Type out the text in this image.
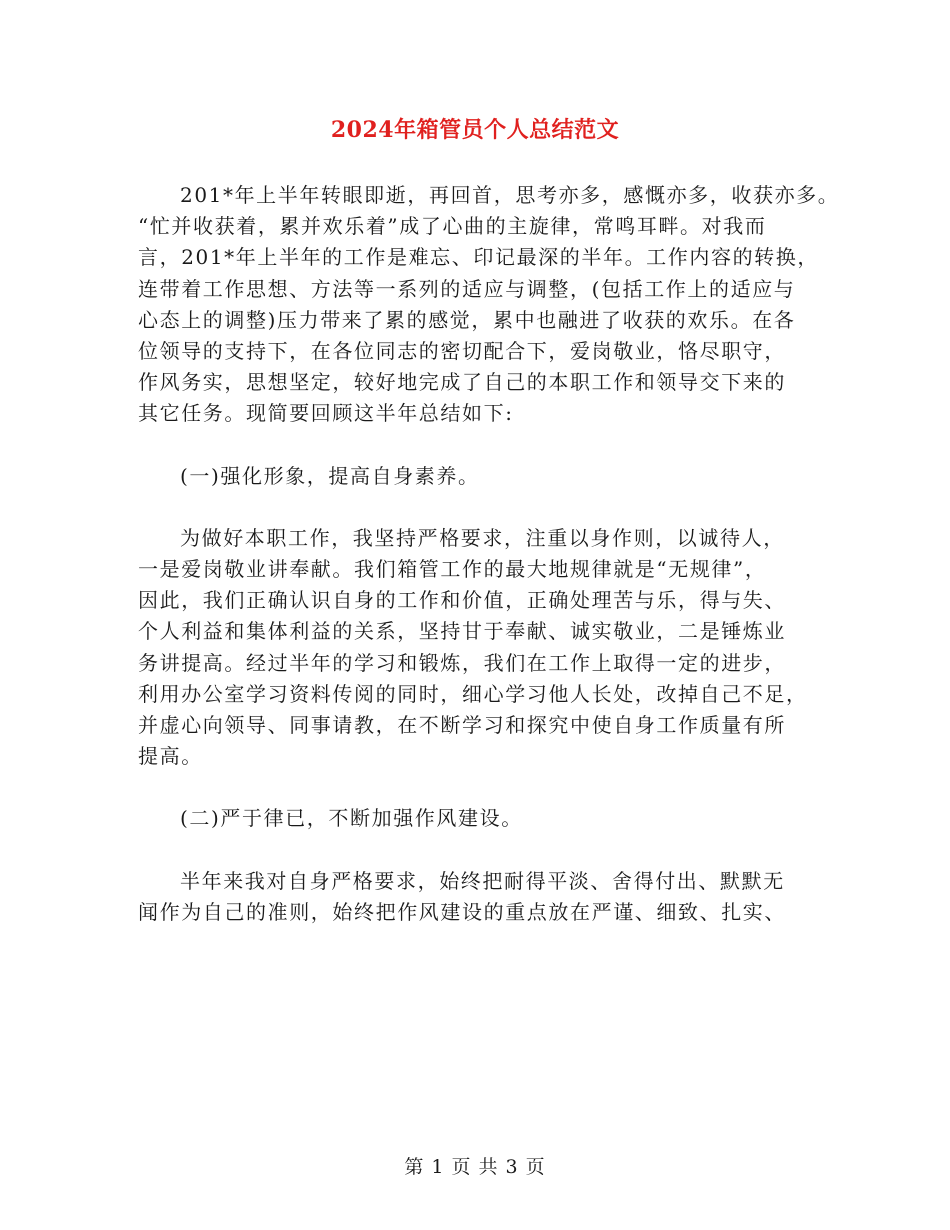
2024年箱管员个人总结范文

201*年上半年转眼即逝，再回首，思考亦多，感慨亦多，收获亦多。
“忙并收获着，累并欢乐着”成了心曲的主旋律，常鸣耳畔。对我而
言，201*年上半年的工作是难忘、印记最深的半年。工作内容的转换，
连带着工作思想、方法等一系列的适应与调整，(包括工作上的适应与
心态上的调整)压力带来了累的感觉，累中也融进了收获的欢乐。在各
位领导的支持下，在各位同志的密切配合下，爱岗敬业，恪尽职守，
作风务实，思想坚定，较好地完成了自己的本职工作和领导交下来的
其它任务。现简要回顾这半年总结如下:

(一)强化形象，提高自身素养。

为做好本职工作，我坚持严格要求，注重以身作则，以诚待人，
一是爱岗敬业讲奉献。我们箱管工作的最大地规律就是“无规律”，
因此，我们正确认识自身的工作和价值，正确处理苦与乐，得与失、
个人利益和集体利益的关系，坚持甘于奉献、诚实敬业，二是锤炼业
务讲提高。经过半年的学习和锻炼，我们在工作上取得一定的进步，
利用办公室学习资料传阅的同时，细心学习他人长处，改掉自己不足，
并虚心向领导、同事请教，在不断学习和探究中使自身工作质量有所
提高。

(二)严于律已，不断加强作风建设。

半年来我对自身严格要求，始终把耐得平淡、舍得付出、默默无
闻作为自己的准则，始终把作风建设的重点放在严谨、细致、扎实、

第 1 页 共 3 页
